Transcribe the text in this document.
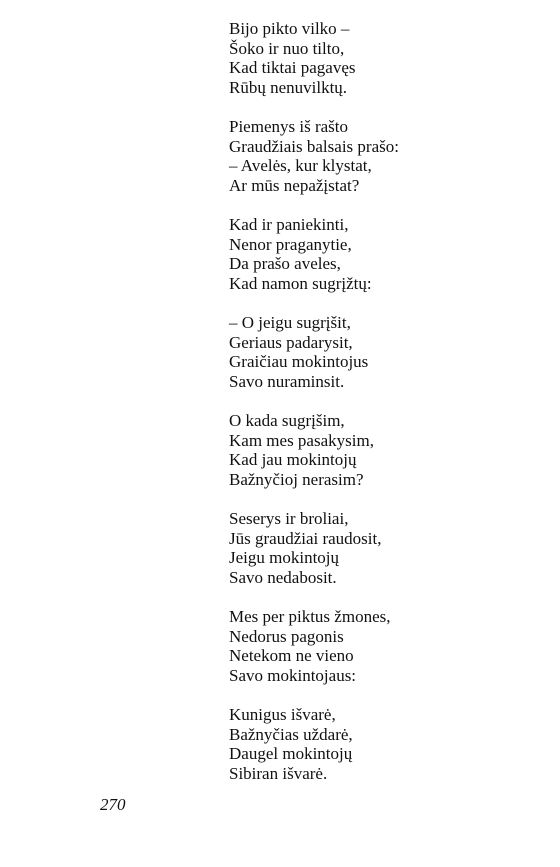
Bijo pikto vilko –
Šoko ir nuo tilto,
Kad tiktai pagavęs
Rūbų nenuvilktų.
Piemenys iš rašto
Graudžiais balsais prašo:
– Avelės, kur klystat,
Ar mūs nepažįstat?
Kad ir paniekinti,
Nenor praganytie,
Da prašo aveles,
Kad namon sugrįžtų:
– O jeigu sugrįšit,
Geriaus padarysit,
Graičiau mokintojus
Savo nuraminsit.
O kada sugrįšim,
Kam mes pasakysim,
Kad jau mokintojų
Bažnyčioj nerasim?
Seserys ir broliai,
Jūs graudžiai raudosit,
Jeigu mokintojų
Savo nedabosit.
Mes per piktus žmones,
Nedorus pagonis
Netekom ne vieno
Savo mokintojaus:
Kunigus išvarė,
Bažnyčias uždarė,
Daugel mokintojų
Sibiran išvarė.
270
